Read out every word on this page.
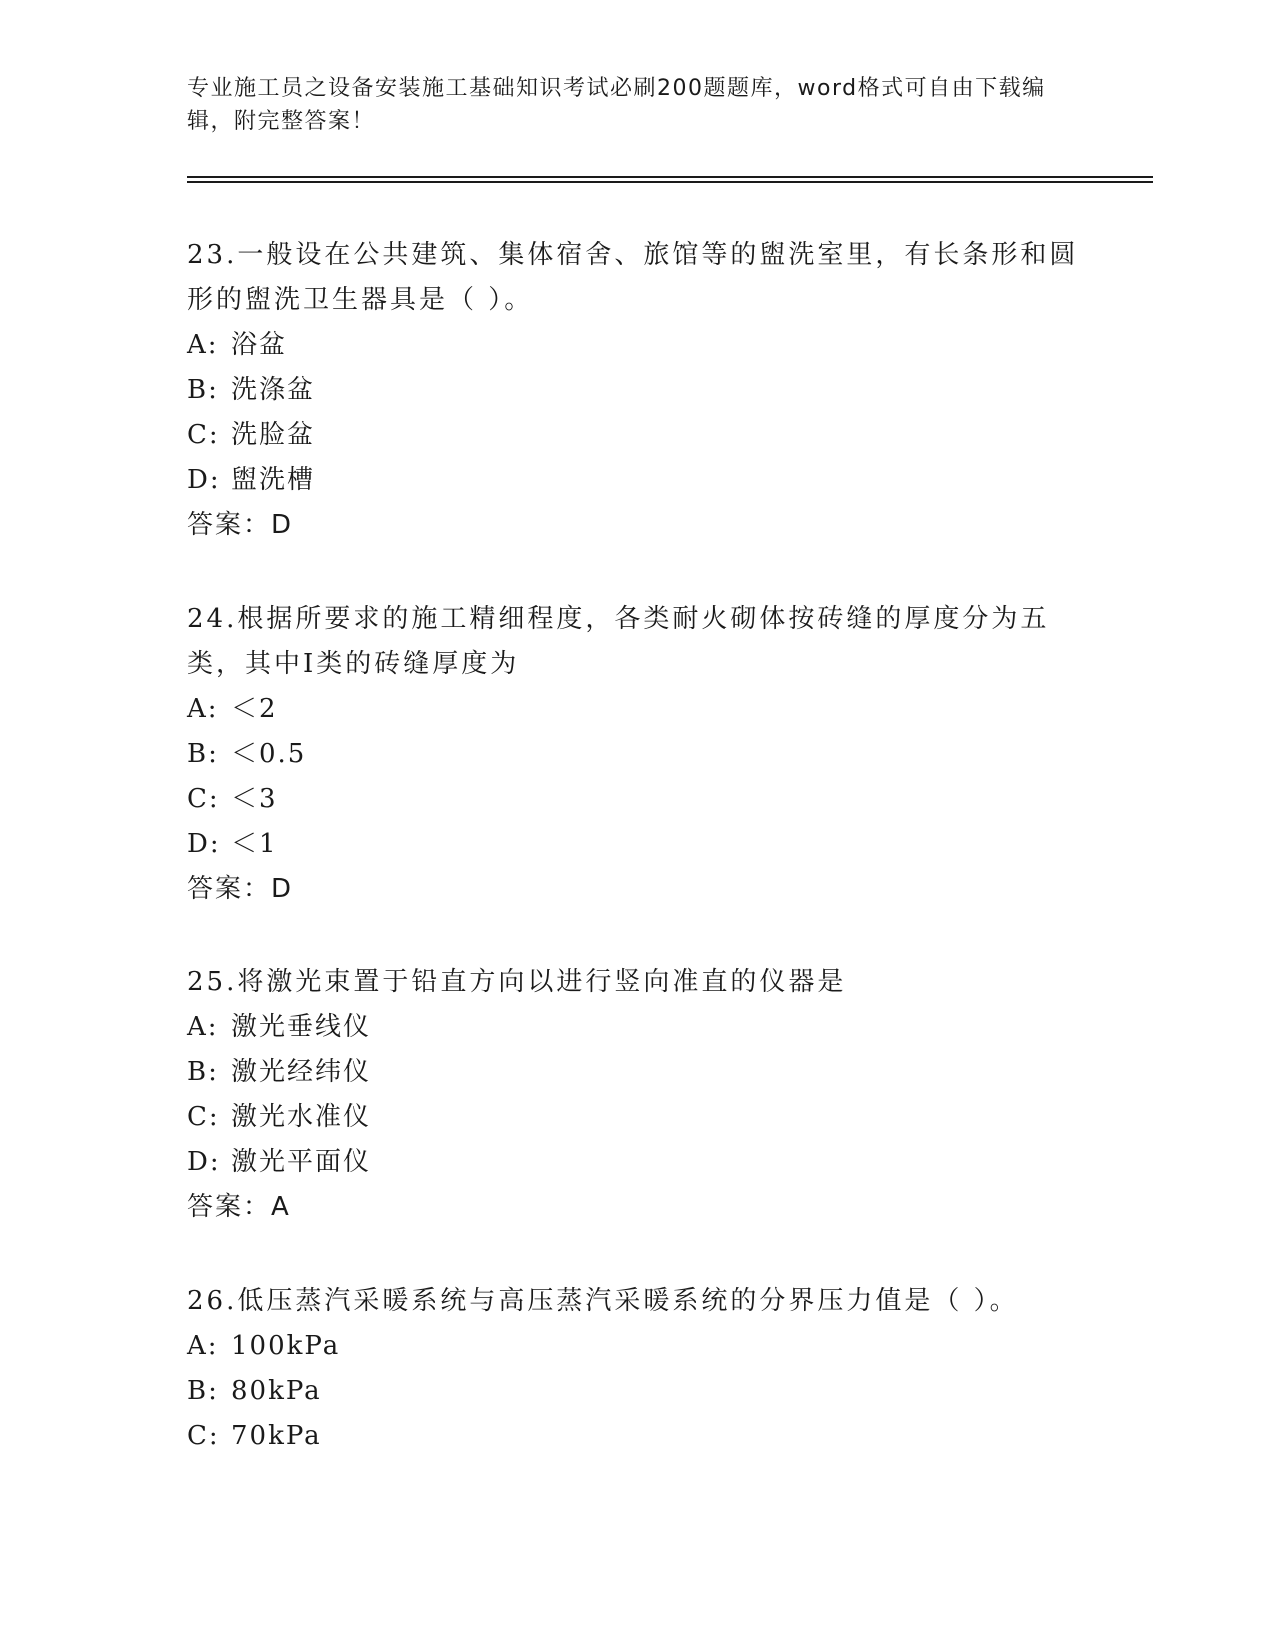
专业施工员之设备安装施工基础知识考试必刷200题题库，word格式可自由下载编辑，附完整答案！
23.一般设在公共建筑、集体宿舍、旅馆等的盥洗室里，有长条形和圆形的盥洗卫生器具是（ ）。
A: 浴盆
B: 洗涤盆
C: 洗脸盆
D: 盥洗槽
答案：D
24.根据所要求的施工精细程度，各类耐火砌体按砖缝的厚度分为五类，其中Ⅰ类的砖缝厚度为
A: ＜2
B: ＜0.5
C: ＜3
D: ＜1
答案：D
25.将激光束置于铅直方向以进行竖向准直的仪器是
A: 激光垂线仪
B: 激光经纬仪
C: 激光水准仪
D: 激光平面仪
答案：A
26.低压蒸汽采暖系统与高压蒸汽采暖系统的分界压力值是（ ）。
A: 100kPa
B: 80kPa
C: 70kPa
